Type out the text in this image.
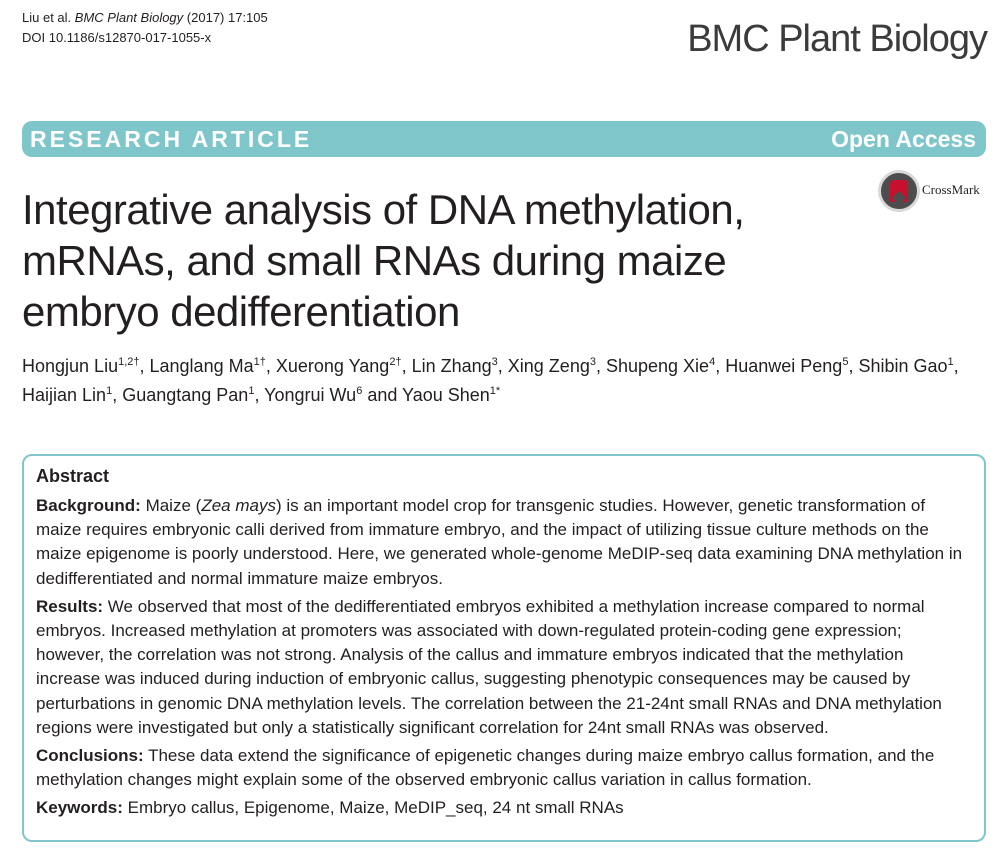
Liu et al. BMC Plant Biology (2017) 17:105
DOI 10.1186/s12870-017-1055-x	BMC Plant Biology
RESEARCH ARTICLE	Open Access
CrossMark
Integrative analysis of DNA methylation, mRNAs, and small RNAs during maize embryo dedifferentiation
Hongjun Liu$^{1,2\dagger}$, Langlang $Ma^{1\dagger}$, Xuerong Yang$^{2\dagger}$, Lin Zhang$^3$, Xing Zeng$^3$, Shupeng Xie$^4$, Huanwei Peng$^5$, Shibin Gao$^1$, Haijian Lin$^1$, Guangtang Pan$^1$, Yongrui Wu$^6$ and Yaou Shen$^{1*}$
Abstract

Background: Maize (Zea mays) is an important model crop for transgenic studies. However, genetic transformation of maize requires embryonic calli derived from immature embryo, and the impact of utilizing tissue culture methods on the maize epigenome is poorly understood. Here, we generated whole-genome MeDIP-seq data examining DNA methylation in dedifferentiated and normal immature maize embryos.

Results: We observed that most of the dedifferentiated embryos exhibited a methylation increase compared to normal embryos. Increased methylation at promoters was associated with down-regulated protein-coding gene expression; however, the correlation was not strong. Analysis of the callus and immature embryos indicated that the methylation increase was induced during induction of embryonic callus, suggesting phenotypic consequences may be caused by perturbations in genomic DNA methylation levels. The correlation between the 21-24nt small RNAs and DNA methylation regions were investigated but only a statistically significant correlation for 24nt small RNAs was observed.

Conclusions: These data extend the significance of epigenetic changes during maize embryo callus formation, and the methylation changes might explain some of the observed embryonic callus variation in callus formation.

Keywords: Embryo callus, Epigenome, Maize, MeDIP_seq, 24 nt small RNAs
